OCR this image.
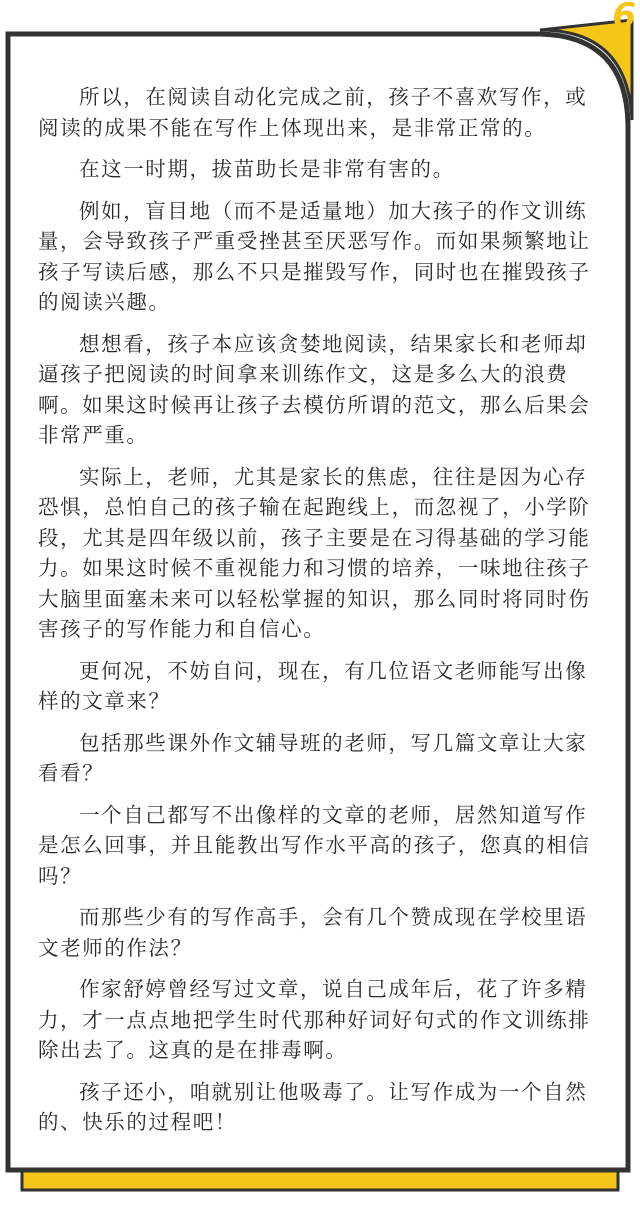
6

所以，在阅读自动化完成之前，孩子不喜欢写作，或阅读的成果不能在写作上体现出来，是非常正常的。

在这一时期，拔苗助长是非常有害的。

例如，盲目地（而不是适量地）加大孩子的作文训练量，会导致孩子严重受挫甚至厌恶写作。而如果频繁地让孩子写读后感，那么不只是摧毁写作，同时也在摧毁孩子的阅读兴趣。

想想看，孩子本应该贪婪地阅读，结果家长和老师却逼孩子把阅读的时间拿来训练作文，这是多么大的浪费啊。如果这时候再让孩子去模仿所谓的范文，那么后果会非常严重。

实际上，老师，尤其是家长的焦虑，往往是因为心存恐惧，总怕自己的孩子输在起跑线上，而忽视了，小学阶段，尤其是四年级以前，孩子主要是在习得基础的学习能力。如果这时候不重视能力和习惯的培养，一味地往孩子大脑里面塞未来可以轻松掌握的知识，那么同时将同时伤害孩子的写作能力和自信心。

更何况，不妨自问，现在，有几位语文老师能写出像样的文章来？

包括那些课外作文辅导班的老师，写几篇文章让大家看看？

一个自己都写不出像样的文章的老师，居然知道写作是怎么回事，并且能教出写作水平高的孩子，您真的相信吗？

而那些少有的写作高手，会有几个赞成现在学校里语文老师的作法？

作家舒婷曾经写过文章，说自己成年后，花了许多精力，才一点点地把学生时代那种好词好句式的作文训练排除出去了。这真的是在排毒啊。

孩子还小，咱就别让他吸毒了。让写作成为一个自然的、快乐的过程吧！
